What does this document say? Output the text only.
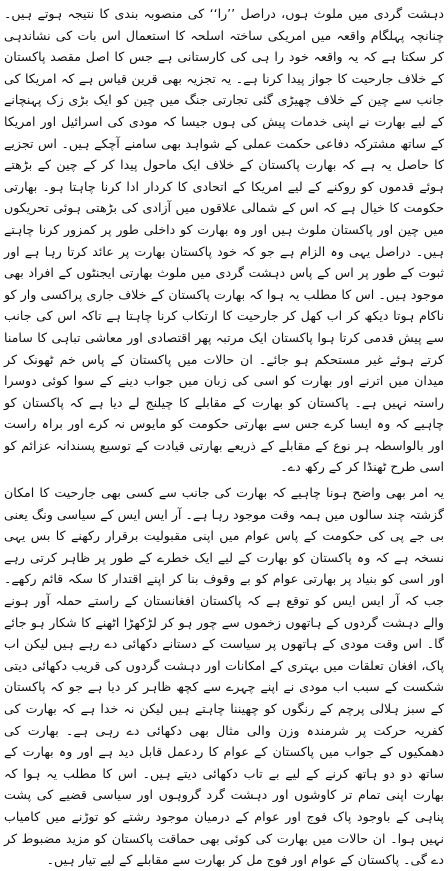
دہشت گردی میں ملوث ہوں، دراصل ’’را‘‘ کی منصوبہ بندی کا نتیجہ ہوتے ہیں۔ چنانچہ پہلگام واقعہ میں امریکی ساختہ اسلحہ کا استعمال اس بات کی نشاندہی کر سکتا ہے کہ یہ واقعہ خود را ہی کی کارستانی ہے جس کا اصل مقصد پاکستان کے خلاف جارحیت کا جواز پیدا کرنا ہے۔ یہ تجزیہ بھی قرین قیاس ہے کہ امریکا کی جانب سے چین کے خلاف چھیڑی گئی تجارتی جنگ میں چین کو ایک بڑی زک پہنچانے کے لیے بھارت نے اپنی خدمات پیش کی ہوں جیسا کہ مودی کی اسرائیل اور امریکا کے ساتھ مشترکہ دفاعی حکمت عملی کے شواہد بھی سامنے آچکے ہیں۔ اس تجزیے کا حاصل یہ ہے کہ بھارت پاکستان کے خلاف ایک ماحول پیدا کر کے چین کے بڑھتے ہوئے قدموں کو روکنے کے لیے امریکا کے اتحادی کا کردار ادا کرنا چاہتا ہو۔ بھارتی حکومت کا خیال ہے کہ اس کے شمالی علاقوں میں آزادی کی بڑھتی ہوئی تحریکوں میں چین اور پاکستان ملوث ہیں اور وہ بھارت کو داخلی طور پر کمزور کرنا چاہتے ہیں۔ دراصل یہی وہ الزام ہے جو کہ خود پاکستان بھارت پر عائد کرتا رہا ہے اور ثبوت کے طور پر اس کے پاس دہشت گردی میں ملوث بھارتی ایجنٹوں کے افراد بھی موجود ہیں۔ اس کا مطلب یہ ہوا کہ بھارت پاکستان کے خلاف جاری پراکسی وار کو ناکام ہوتا دیکھ کر اب کھل کر جارحیت کا ارتکاب کرنا چاہتا ہے تاکہ اس کی جانب سے پیش قدمی کرتا ہوا پاکستان ایک مرتبہ پھر اقتصادی اور معاشی تباہی کا سامنا کرتے ہوئے غیر مستحکم ہو جائے۔ ان حالات میں پاکستان کے پاس خم ٹھونک کر میدان میں اترنے اور بھارت کو اسی کی زبان میں جواب دینے کے سوا کوئی دوسرا راستہ نہیں ہے۔ پاکستان کو بھارت کے مقابلے کا چیلنج لے دیا ہے کہ پاکستان کو چاہیے کہ وہ ایسا کرے جس سے بھارتی حکومت کو مایوس نہ کرے اور براہ راست اور بالواسطہ ہر نوع کے مقابلے کے ذریعے بھارتی قیادت کے توسیع پسندانہ عزائم کو اسی طرح ٹھنڈا کر کے رکھ دے۔

یہ امر بھی واضح ہونا چاہیے کہ بھارت کی جانب سے کسی بھی جارحیت کا امکان گزشتہ چند سالوں میں ہمہ وقت موجود رہا ہے۔ آر ایس ایس کے سیاسی ونگ یعنی بی جے پی کی حکومت کے پاس عوام میں اپنی مقبولیت برقرار رکھنے کا بس یہی نسخہ ہے کہ وہ پاکستان کو بھارت کے لیے ایک خطرے کے طور پر ظاہر کرتی رہے اور اسی کو بنیاد پر بھارتی عوام کو بے وقوف بنا کر اپنے اقتدار کا سکہ قائم رکھے۔ جب کہ آر ایس ایس کو توقع ہے کہ پاکستان افغانستان کے راستے حملہ آور ہونے والے دہشت گردوں کے ہاتھوں زخموں سے چور ہو کر لڑکھڑا اٹھنے کا شکار ہو جائے گا۔ اس وقت مودی کے ہاتھوں پر سیاست کے دستانے دکھائی دے رہے ہیں لیکن اب پاک، افغان تعلقات میں بہتری کے امکانات اور دہشت گردوں کی قریب دکھائی دیتی شکست کے سبب اب مودی نے اپنے چہرے سے کچھ ظاہر کر دیا ہے جو کہ پاکستان کے سبز ہلالی پرچم کے رنگوں کو چھیننا چاہتے ہیں لیکن نہ خدا ہے کہ بھارت کی کفریہ حرکت پر شرمندہ وزن والی مثال بھی دکھائی دے رہی ہے۔ بھارت کی دھمکیوں کے جواب میں پاکستان کے عوام کا ردعمل قابل دید ہے اور وہ بھارت کے ساتھ دو دو ہاتھ کرنے کے لیے بے تاب دکھائی دیتے ہیں۔ اس کا مطلب یہ ہوا کہ بھارت اپنی تمام تر کاوشوں اور دہشت گرد گروہوں اور سیاسی قضیے کی پشت پناہی کے باوجود پاک فوج اور عوام کے درمیان موجود رشتے کو توڑنے میں کامیاب نہیں ہوا۔ ان حالات میں بھارت کی کوئی بھی حماقت پاکستان کو مزید مضبوط کر دے گی۔ پاکستان کے عوام اور فوج مل کر بھارت سے مقابلے کے لیے تیار ہیں۔
